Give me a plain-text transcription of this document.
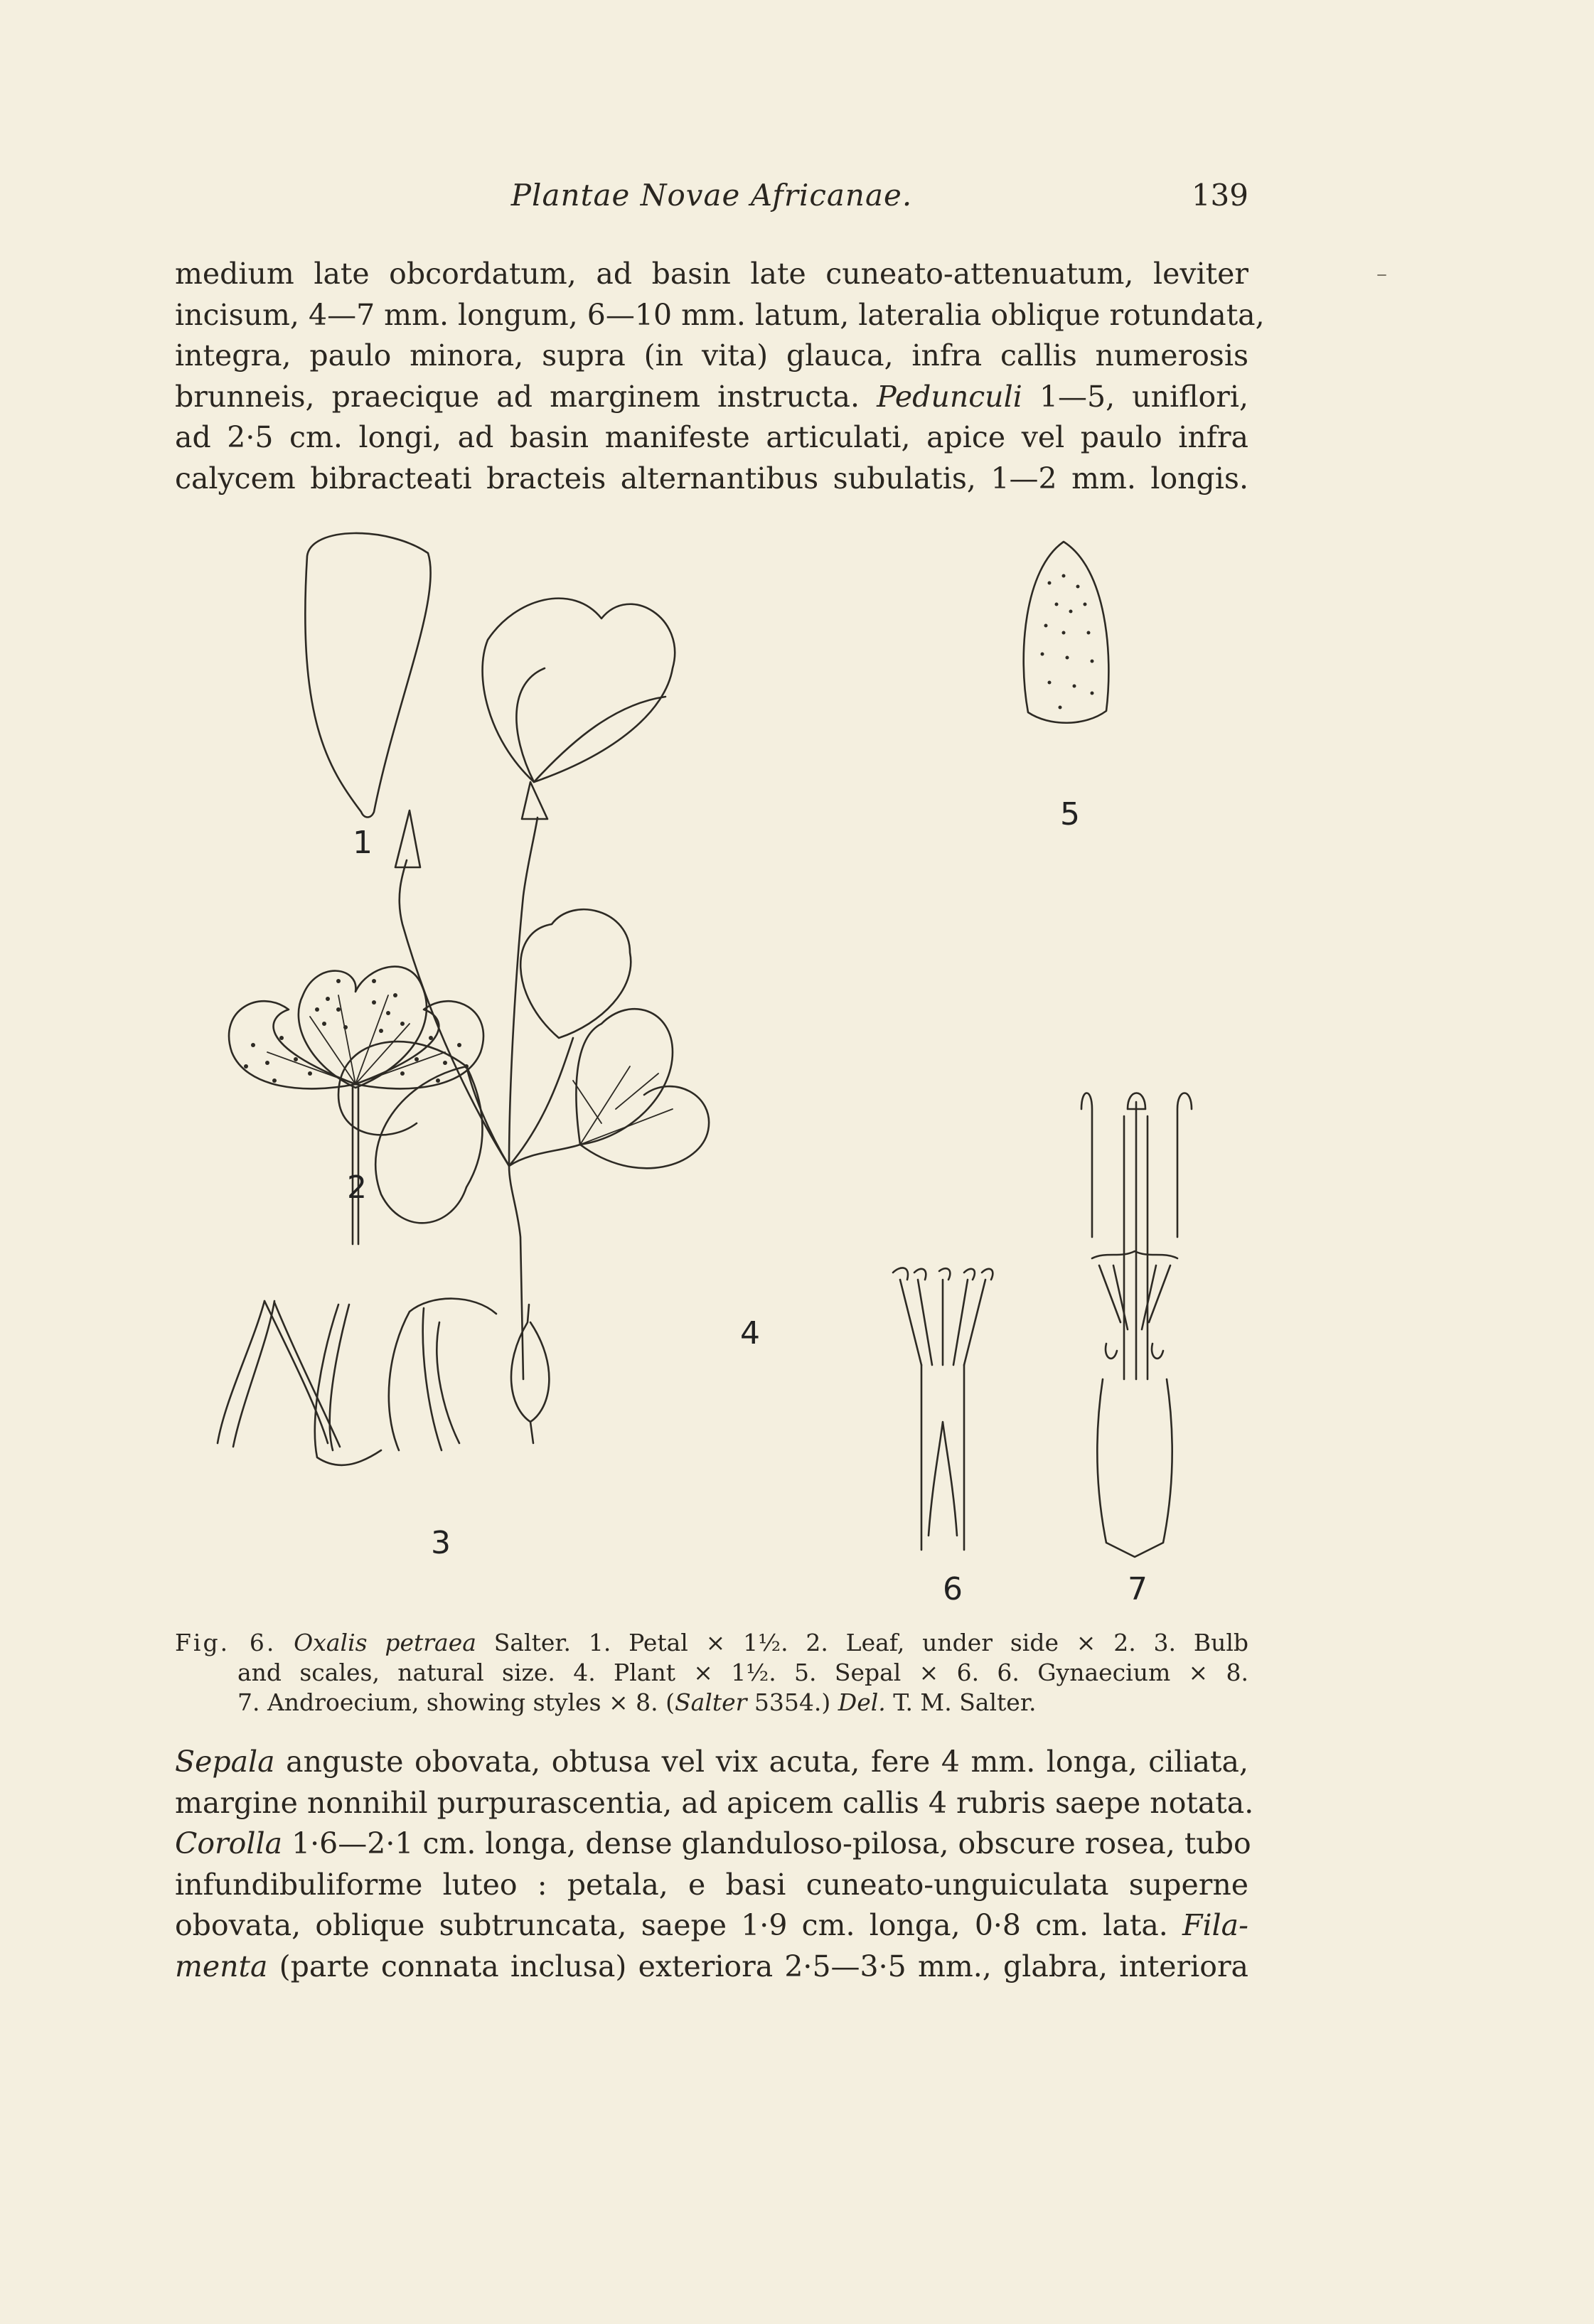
Plantae Novae Africanae.	139
–
medium late obcordatum, ad basin late cuneato-attenuatum, leviter
incisum, 4—7 mm. longum, 6—10 mm. latum, lateralia oblique rotundata,
integra, paulo minora, supra (in vita) glauca, infra callis numerosis
brunneis, praecique ad marginem instructa. Pedunculi 1—5, uniflori,
ad 2·5 cm. longi, ad basin manifeste articulati, apice vel paulo infra
calycem bibracteati bracteis alternantibus subulatis, 1—2 mm. longis.
1
2
3
4
5
6	7
Fig. 6. Oxalis petraea Salter. 1. Petal × 1½. 2. Leaf, under side × 2. 3. Bulb
and scales, natural size. 4. Plant × 1½. 5. Sepal × 6. 6. Gynaecium × 8.
7. Androecium, showing styles × 8. (Salter 5354.) Del. T. M. Salter.
Sepala anguste obovata, obtusa vel vix acuta, fere 4 mm. longa, ciliata,
margine nonnihil purpurascentia, ad apicem callis 4 rubris saepe notata.
Corolla 1·6—2·1 cm. longa, dense glanduloso-pilosa, obscure rosea, tubo
infundibuliforme luteo : petala, e basi cuneato-unguiculata superne
obovata, oblique subtruncata, saepe 1·9 cm. longa, 0·8 cm. lata. Fila-
menta (parte connata inclusa) exteriora 2·5—3·5 mm., glabra, interiora
